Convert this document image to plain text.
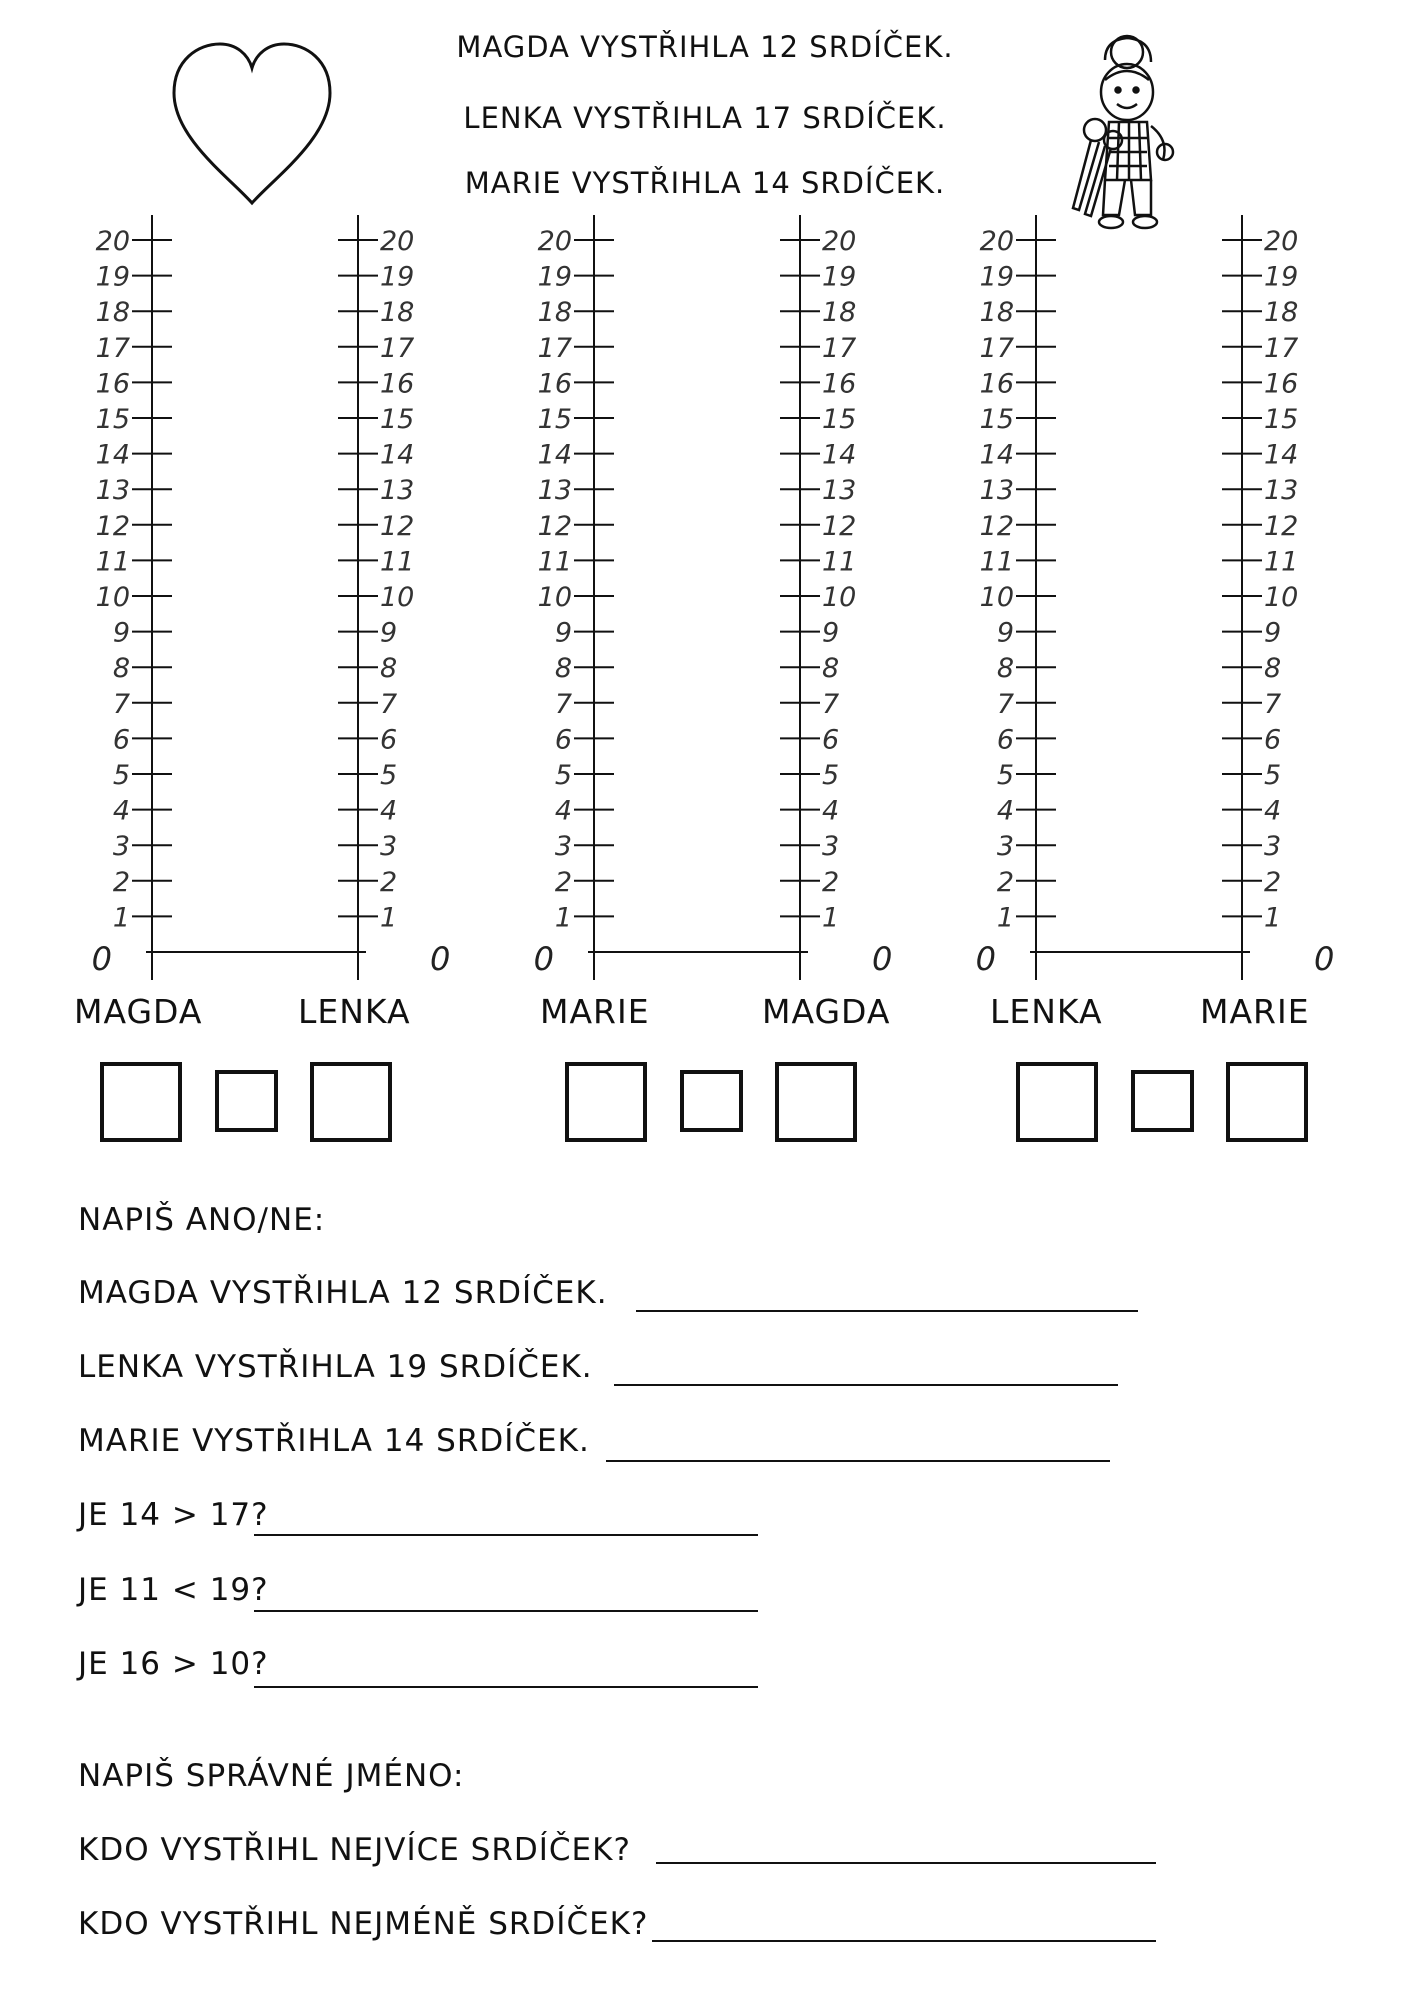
MAGDA VYSTŘIHLA 12 SRDÍČEK.
LENKA VYSTŘIHLA 17 SRDÍČEK.
MARIE VYSTŘIHLA 14 SRDÍČEK.
1
2
3
4
5
6
7
8
9
10
11
12
13
14
15
16
17
18
19
20
1
2
3
4
5
6
7
8
9
10
11
12
13
14
15
16
17
18
19
20
0	0
1
2
3
4
5
6
7
8
9
10
11
12
13
14
15
16
17
18
19
20
1
2
3
4
5
6
7
8
9
10
11
12
13
14
15
16
17
18
19
20
0	0
1
2
3
4
5
6
7
8
9
10
11
12
13
14
15
16
17
18
19
20
1
2
3
4
5
6
7
8
9
10
11
12
13
14
15
16
17
18
19
20
0	0
MAGDA	LENKA	MARIE	MAGDA	LENKA	MARIE
NAPIŠ ANO/NE:
MAGDA VYSTŘIHLA 12 SRDÍČEK.
LENKA VYSTŘIHLA 19 SRDÍČEK.
MARIE VYSTŘIHLA 14 SRDÍČEK.
JE 14 > 17?
JE 11 < 19?
JE 16 > 10?
NAPIŠ SPRÁVNÉ JMÉNO:
KDO VYSTŘIHL NEJVÍCE SRDÍČEK?
KDO VYSTŘIHL NEJMÉNĚ SRDÍČEK?
